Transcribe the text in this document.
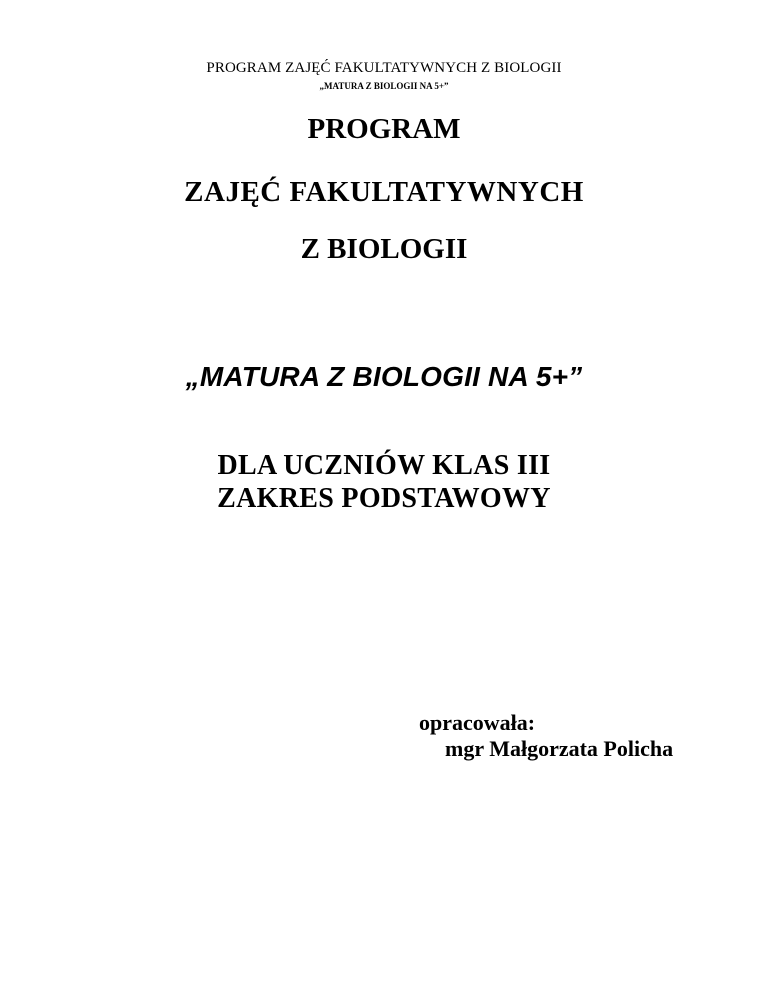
PROGRAM ZAJĘĆ FAKULTATYWNYCH Z BIOLOGII
„MATURA Z BIOLOGII NA 5+”
PROGRAM
ZAJĘĆ FAKULTATYWNYCH
Z BIOLOGII
„MATURA Z BIOLOGII NA 5+”
DLA UCZNIÓW KLAS III
ZAKRES PODSTAWOWY
opracowała:
mgr Małgorzata Policha
